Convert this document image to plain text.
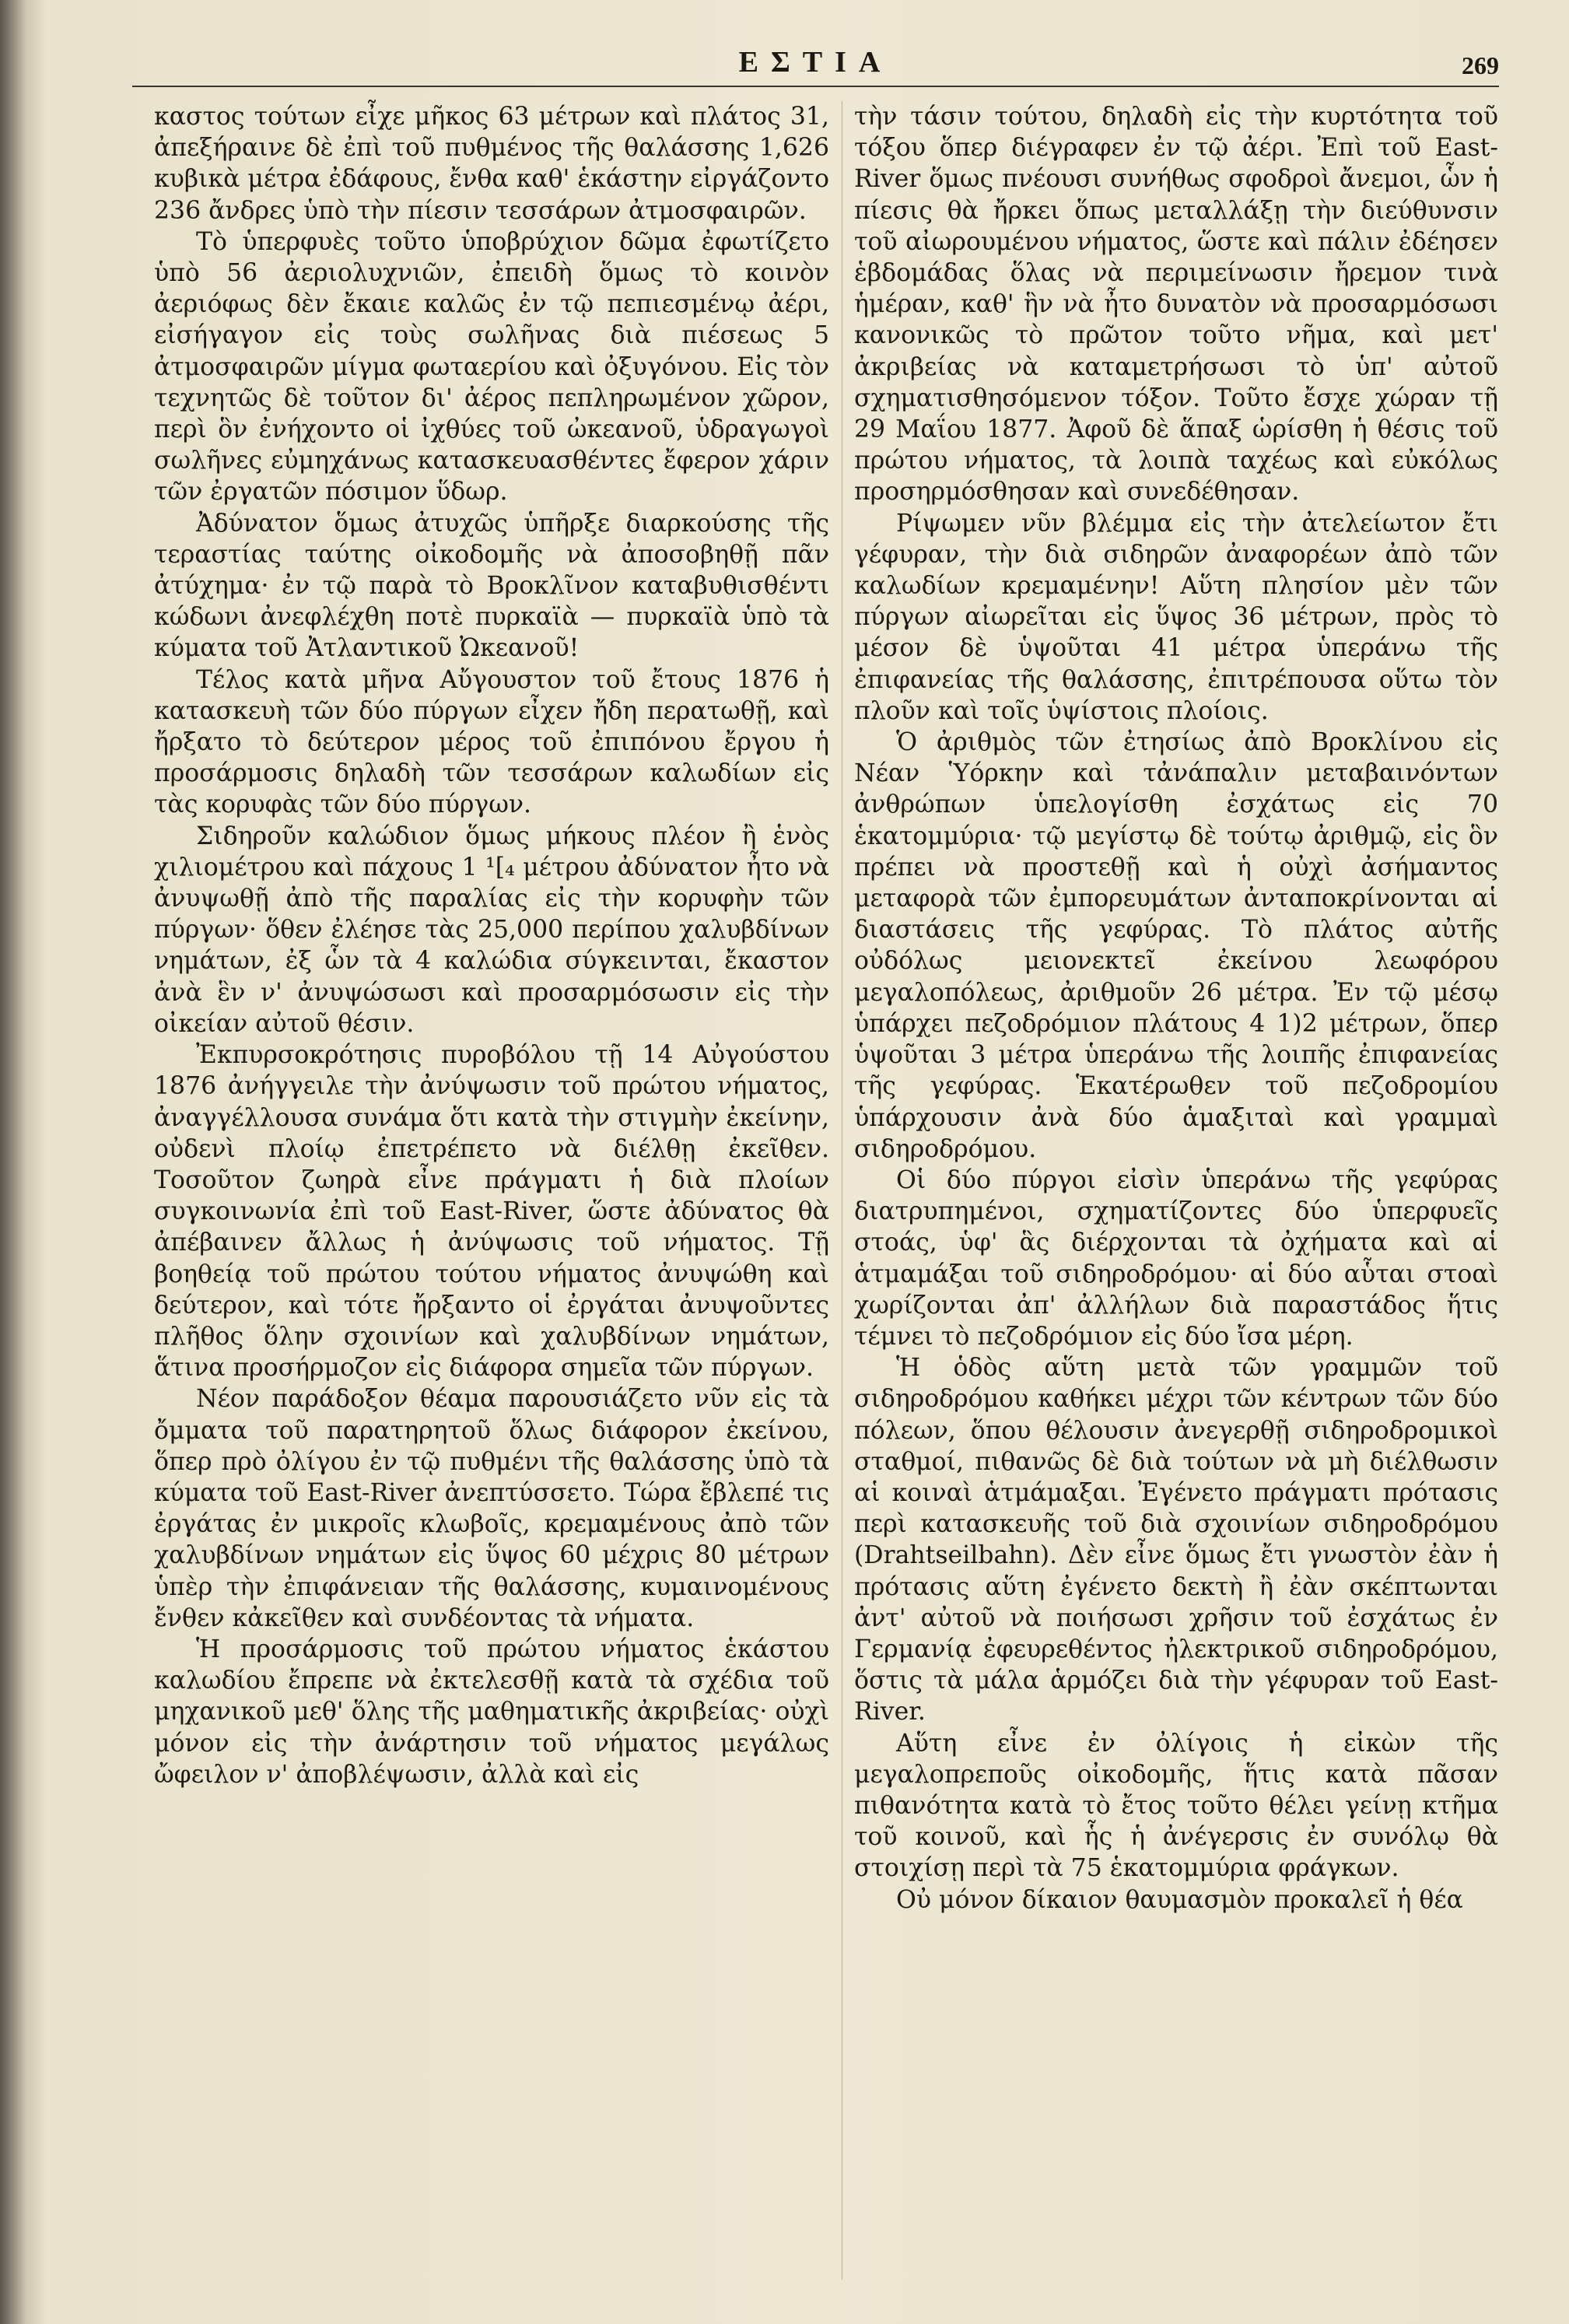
ΕΣΤΙΑ	269

καστος τούτων εἶχε μῆκος 63 μέτρων καὶ πλάτος 31, ἀπεξήραινε δὲ ἐπὶ τοῦ πυθμένος τῆς θαλάσσης 1,626 κυβικὰ μέτρα ἐδάφους, ἔνθα καθ' ἑκάστην εἰργάζοντο 236 ἄνδρες ὑπὸ τὴν πίεσιν τεσσάρων ἀτμοσφαιρῶν.

Τὸ ὑπερφυὲς τοῦτο ὑποβρύχιον δῶμα ἐφωτίζετο ὑπὸ 56 ἀεριολυχνιῶν, ἐπειδὴ ὅμως τὸ κοινὸν ἀεριόφως δὲν ἔκαιε καλῶς ἐν τῷ πεπιεσμένῳ ἀέρι, εἰσήγαγον εἰς τοὺς σωλῆνας διὰ πιέσεως 5 ἀτμοσφαιρῶν μίγμα φωταερίου καὶ ὀξυγόνου. Εἰς τὸν τεχνητῶς δὲ τοῦτον δι' ἀέρος πεπληρωμένον χῶρον, περὶ ὃν ἐνήχοντο οἱ ἰχθύες τοῦ ὠκεανοῦ, ὑδραγωγοὶ σωλῆνες εὐμηχάνως κατασκευασθέντες ἔφερον χάριν τῶν ἐργατῶν πόσιμον ὕδωρ.

Ἀδύνατον ὅμως ἀτυχῶς ὑπῆρξε διαρκούσης τῆς τεραστίας ταύτης οἰκοδομῆς νὰ ἀποσοβηθῇ πᾶν ἀτύχημα· ἐν τῷ παρὰ τὸ Βροκλῖνον καταβυθισθέντι κώδωνι ἀνεφλέχθη ποτὲ πυρκαϊὰ — πυρκαϊὰ ὑπὸ τὰ κύματα τοῦ Ἀτλαντικοῦ Ὠκεανοῦ!

Τέλος κατὰ μῆνα Αὔγουστον τοῦ ἔτους 1876 ἡ κατασκευὴ τῶν δύο πύργων εἶχεν ἤδη περατωθῇ, καὶ ἤρξατο τὸ δεύτερον μέρος τοῦ ἐπιπόνου ἔργου ἡ προσάρμοσις δηλαδὴ τῶν τεσσάρων καλωδίων εἰς τὰς κορυφὰς τῶν δύο πύργων.

Σιδηροῦν καλώδιον ὅμως μήκους πλέον ἢ ἑνὸς χιλιομέτρου καὶ πάχους 1 ¹[₄ μέτρου ἀδύνατον ἦτο νὰ ἀνυψωθῇ ἀπὸ τῆς παραλίας εἰς τὴν κορυφὴν τῶν πύργων· ὅθεν ἐλέησε τὰς 25,000 περίπου χαλυβδίνων νημάτων, ἐξ ὧν τὰ 4 καλώδια σύγκεινται, ἔκαστον ἀνὰ ἓν ν' ἀνυψώσωσι καὶ προσαρμόσωσιν εἰς τὴν οἰκείαν αὐτοῦ θέσιν.

Ἐκπυρσοκρότησις πυροβόλου τῇ 14 Αὐγούστου 1876 ἀνήγγειλε τὴν ἀνύψωσιν τοῦ πρώτου νήματος, ἀναγγέλλουσα συνάμα ὅτι κατὰ τὴν στιγμὴν ἐκείνην, οὐδενὶ πλοίῳ ἐπετρέπετο νὰ διέλθῃ ἐκεῖθεν. Τοσοῦτον ζωηρὰ εἶνε πράγματι ἡ διὰ πλοίων συγκοινωνία ἐπὶ τοῦ East-River, ὥστε ἀδύνατος θὰ ἀπέβαινεν ἄλλως ἡ ἀνύψωσις τοῦ νήματος. Τῇ βοηθείᾳ τοῦ πρώτου τούτου νήματος ἀνυψώθη καὶ δεύτερον, καὶ τότε ἤρξαντο οἱ ἐργάται ἀνυψοῦντες πλῆθος ὅλην σχοινίων καὶ χαλυβδίνων νημάτων, ἅτινα προσήρμοζον εἰς διάφορα σημεῖα τῶν πύργων.

Νέον παράδοξον θέαμα παρουσιάζετο νῦν εἰς τὰ ὄμματα τοῦ παρατηρητοῦ ὅλως διάφορον ἐκείνου, ὅπερ πρὸ ὀλίγου ἐν τῷ πυθμένι τῆς θαλάσσης ὑπὸ τὰ κύματα τοῦ East-River ἀνεπτύσσετο. Τώρα ἔβλεπέ τις ἐργάτας ἐν μικροῖς κλωβοῖς, κρεμαμένους ἀπὸ τῶν χαλυβδίνων νημάτων εἰς ὕψος 60 μέχρις 80 μέτρων ὑπὲρ τὴν ἐπιφάνειαν τῆς θαλάσσης, κυμαινομένους ἔνθεν κἀκεῖθεν καὶ συνδέοντας τὰ νήματα.

Ἡ προσάρμοσις τοῦ πρώτου νήματος ἑκάστου καλωδίου ἔπρεπε νὰ ἐκτελεσθῇ κατὰ τὰ σχέδια τοῦ μηχανικοῦ μεθ' ὅλης τῆς μαθηματικῆς ἀκριβείας· οὐχὶ μόνον εἰς τὴν ἀνάρτησιν τοῦ νήματος μεγάλως ὤφειλον ν' ἀποβλέψωσιν, ἀλλὰ καὶ εἰς

τὴν τάσιν τούτου, δηλαδὴ εἰς τὴν κυρτότητα τοῦ τόξου ὅπερ διέγραφεν ἐν τῷ ἀέρι. Ἐπὶ τοῦ East-River ὅμως πνέουσι συνήθως σφοδροὶ ἄνεμοι, ὧν ἡ πίεσις θὰ ἤρκει ὅπως μεταλλάξῃ τὴν διεύθυνσιν τοῦ αἰωρουμένου νήματος, ὥστε καὶ πάλιν ἐδέησεν ἑβδομάδας ὅλας νὰ περιμείνωσιν ἤρεμον τινὰ ἡμέραν, καθ' ἣν νὰ ἦτο δυνατὸν νὰ προσαρμόσωσι κανονικῶς τὸ πρῶτον τοῦτο νῆμα, καὶ μετ' ἀκριβείας νὰ καταμετρήσωσι τὸ ὑπ' αὐτοῦ σχηματισθησόμενον τόξον. Τοῦτο ἔσχε χώραν τῇ 29 Μαΐου 1877. Ἀφοῦ δὲ ἅπαξ ὡρίσθη ἡ θέσις τοῦ πρώτου νήματος, τὰ λοιπὰ ταχέως καὶ εὐκόλως προσηρμόσθησαν καὶ συνεδέθησαν.

Ρίψωμεν νῦν βλέμμα εἰς τὴν ἀτελείωτον ἔτι γέφυραν, τὴν διὰ σιδηρῶν ἀναφορέων ἀπὸ τῶν καλωδίων κρεμαμένην! Αὕτη πλησίον μὲν τῶν πύργων αἰωρεῖται εἰς ὕψος 36 μέτρων, πρὸς τὸ μέσον δὲ ὑψοῦται 41 μέτρα ὑπεράνω τῆς ἐπιφανείας τῆς θαλάσσης, ἐπιτρέπουσα οὕτω τὸν πλοῦν καὶ τοῖς ὑψίστοις πλοίοις.

Ὁ ἀριθμὸς τῶν ἐτησίως ἀπὸ Βροκλίνου εἰς Νέαν Ὑόρκην καὶ τἀνάπαλιν μεταβαινόντων ἀνθρώπων ὑπελογίσθη ἐσχάτως εἰς 70 ἑκατομμύρια· τῷ μεγίστῳ δὲ τούτῳ ἀριθμῷ, εἰς ὃν πρέπει νὰ προστεθῇ καὶ ἡ οὐχὶ ἀσήμαντος μεταφορὰ τῶν ἐμπορευμάτων ἀνταποκρίνονται αἱ διαστάσεις τῆς γεφύρας. Τὸ πλάτος αὐτῆς οὐδόλως μειονεκτεῖ ἐκείνου λεωφόρου μεγαλοπόλεως, ἀριθμοῦν 26 μέτρα. Ἐν τῷ μέσῳ ὑπάρχει πεζοδρόμιον πλάτους 4 1)2 μέτρων, ὅπερ ὑψοῦται 3 μέτρα ὑπεράνω τῆς λοιπῆς ἐπιφανείας τῆς γεφύρας. Ἑκατέρωθεν τοῦ πεζοδρομίου ὑπάρχουσιν ἀνὰ δύο ἁμαξιταὶ καὶ γραμμαὶ σιδηροδρόμου.

Οἱ δύο πύργοι εἰσὶν ὑπεράνω τῆς γεφύρας διατρυπημένοι, σχηματίζοντες δύο ὑπερφυεῖς στοάς, ὑφ' ἃς διέρχονται τὰ ὀχήματα καὶ αἱ ἁτμαμάξαι τοῦ σιδηροδρόμου· αἱ δύο αὗται στοαὶ χωρίζονται ἀπ' ἀλλήλων διὰ παραστάδος ἥτις τέμνει τὸ πεζοδρόμιον εἰς δύο ἴσα μέρη.

Ἡ ὁδὸς αὕτη μετὰ τῶν γραμμῶν τοῦ σιδηροδρόμου καθήκει μέχρι τῶν κέντρων τῶν δύο πόλεων, ὅπου θέλουσιν ἀνεγερθῇ σιδηροδρομικοὶ σταθμοί, πιθανῶς δὲ διὰ τούτων νὰ μὴ διέλθωσιν αἱ κοιναὶ ἁτμάμαξαι. Ἐγένετο πράγματι πρότασις περὶ κατασκευῆς τοῦ διὰ σχοινίων σιδηροδρόμου (Drahtseilbahn). Δὲν εἶνε ὅμως ἔτι γνωστὸν ἐὰν ἡ πρότασις αὕτη ἐγένετο δεκτὴ ἢ ἐὰν σκέπτωνται ἀντ' αὐτοῦ νὰ ποιήσωσι χρῆσιν τοῦ ἐσχάτως ἐν Γερμανίᾳ ἐφευρεθέντος ἠλεκτρικοῦ σιδηροδρόμου, ὅστις τὰ μάλα ἁρμόζει διὰ τὴν γέφυραν τοῦ East-River.

Αὕτη εἶνε ἐν ὀλίγοις ἡ εἰκὼν τῆς μεγαλοπρεποῦς οἰκοδομῆς, ἥτις κατὰ πᾶσαν πιθανότητα κατὰ τὸ ἔτος τοῦτο θέλει γείνῃ κτῆμα τοῦ κοινοῦ, καὶ ἧς ἡ ἀνέγερσις ἐν συνόλῳ θὰ στοιχίσῃ περὶ τὰ 75 ἑκατομμύρια φράγκων.

Οὐ μόνον δίκαιον θαυμασμὸν προκαλεῖ ἡ θέα
